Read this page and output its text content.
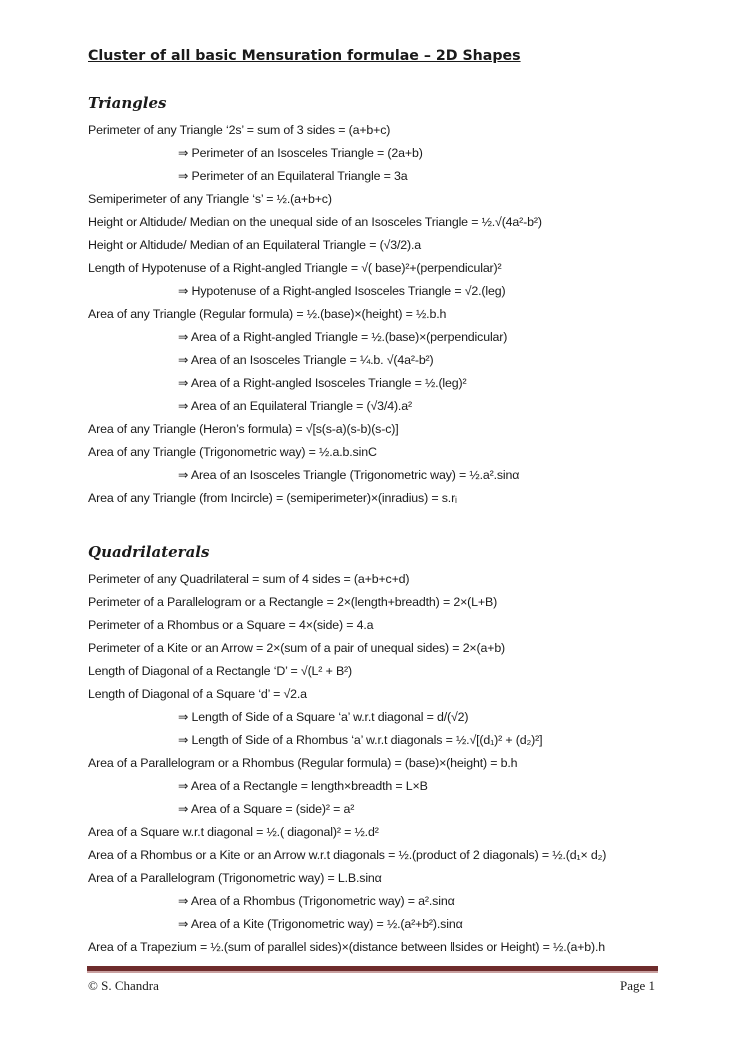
Cluster of all basic Mensuration formulae – 2D Shapes
Triangles
Perimeter of any Triangle ‘2s’ = sum of 3 sides = (a+b+c)
⇒ Perimeter of an Isosceles Triangle = (2a+b)
⇒ Perimeter of an Equilateral Triangle = 3a
Semiperimeter of any Triangle ‘s’ = ½.(a+b+c)
Height or Altidude/ Median on the unequal side of an Isosceles Triangle = ½.√(4a²-b²)
Height or Altidude/ Median of an Equilateral Triangle = (√3/2).a
Length of Hypotenuse of a Right-angled Triangle = √( base)²+(perpendicular)²
⇒ Hypotenuse of a Right-angled Isosceles Triangle = √2.(leg)
Area of any Triangle (Regular formula) = ½.(base)×(height) = ½.b.h
⇒ Area of a Right-angled Triangle = ½.(base)×(perpendicular)
⇒ Area of an Isosceles Triangle = ¼.b. √(4a²-b²)
⇒ Area of a Right-angled Isosceles Triangle = ½.(leg)²
⇒ Area of an Equilateral Triangle = (√3/4).a²
Area of any Triangle (Heron’s formula) = √[s(s-a)(s-b)(s-c)]
Area of any Triangle (Trigonometric way) = ½.a.b.sinC
⇒ Area of an Isosceles Triangle (Trigonometric way) = ½.a².sinα
Area of any Triangle (from Incircle) = (semiperimeter)×(inradius) = s.rᵢ
Quadrilaterals
Perimeter of any Quadrilateral = sum of 4 sides = (a+b+c+d)
Perimeter of a Parallelogram or a Rectangle = 2×(length+breadth) = 2×(L+B)
Perimeter of a Rhombus or a Square = 4×(side) = 4.a
Perimeter of a Kite or an Arrow = 2×(sum of a pair of unequal sides) = 2×(a+b)
Length of Diagonal of a Rectangle ‘D’ = √(L² + B²)
Length of Diagonal of a Square ‘d’ = √2.a
⇒ Length of Side of a Square ‘a’ w.r.t diagonal = d/(√2)
⇒ Length of Side of a Rhombus ‘a’ w.r.t diagonals = ½.√[(d₁)² + (d₂)²]
Area of a Parallelogram or a Rhombus (Regular formula) = (base)×(height) = b.h
⇒ Area of a Rectangle = length×breadth = L×B
⇒ Area of a Square = (side)² = a²
Area of a Square w.r.t diagonal = ½.( diagonal)² = ½.d²
Area of a Rhombus or a Kite or an Arrow w.r.t diagonals = ½.(product of 2 diagonals) = ½.(d₁× d₂)
Area of a Parallelogram (Trigonometric way) = L.B.sinα
⇒ Area of a Rhombus (Trigonometric way) = a².sinα
⇒ Area of a Kite (Trigonometric way) = ½.(a²+b²).sinα
Area of a Trapezium = ½.(sum of parallel sides)×(distance between ‖sides or Height) = ½.(a+b).h
© S. Chandra	Page 1
